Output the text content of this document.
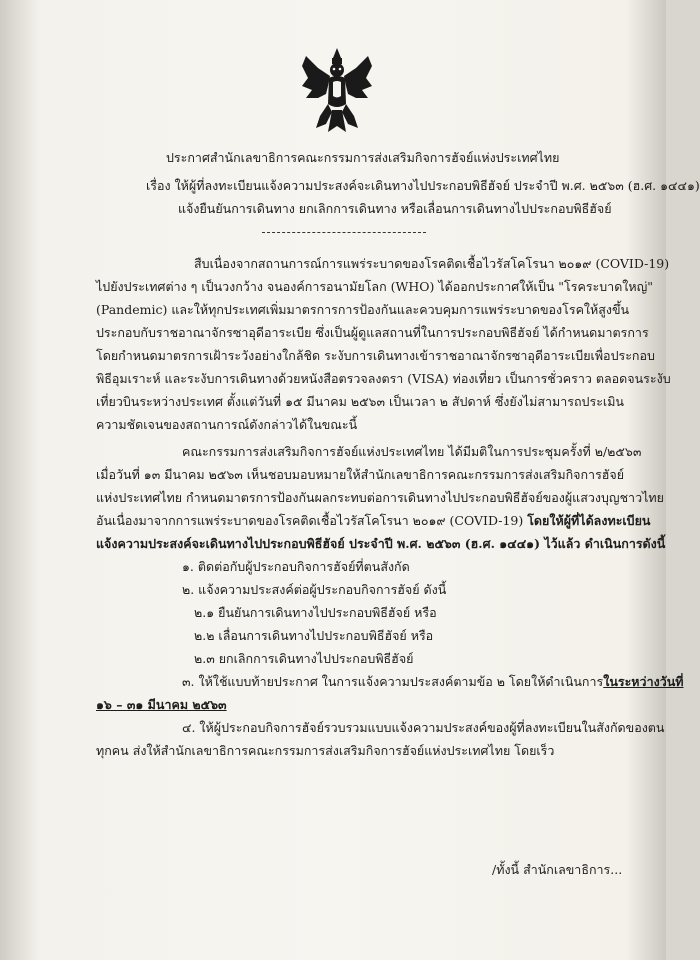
ประกาศสำนักเลขาธิการคณะกรรมการส่งเสริมกิจการฮัจย์แห่งประเทศไทย
เรื่อง ให้ผู้ที่ลงทะเบียนแจ้งความประสงค์จะเดินทางไปประกอบพิธีฮัจย์ ประจำปี พ.ศ. ๒๕๖๓ (ฮ.ศ. ๑๔๔๑)
แจ้งยืนยันการเดินทาง ยกเลิกการเดินทาง หรือเลื่อนการเดินทางไปประกอบพิธีฮัจย์
สืบเนื่องจากสถานการณ์การแพร่ระบาดของโรคติดเชื้อไวรัสโคโรนา ๒๐๑๙ (COVID-19)
ไปยังประเทศต่าง ๆ เป็นวงกว้าง จนองค์การอนามัยโลก (WHO) ได้ออกประกาศให้เป็น "โรคระบาดใหญ่"
(Pandemic) และให้ทุกประเทศเพิ่มมาตรการการป้องกันและควบคุมการแพร่ระบาดของโรคให้สูงขึ้น
ประกอบกับราชอาณาจักรซาอุดีอาระเบีย ซึ่งเป็นผู้ดูแลสถานที่ในการประกอบพิธีฮัจย์ ได้กำหนดมาตรการ
โดยกำหนดมาตรการเฝ้าระวังอย่างใกล้ชิด ระงับการเดินทางเข้าราชอาณาจักรซาอุดีอาระเบียเพื่อประกอบ
พิธีอุมเราะห์ และระงับการเดินทางด้วยหนังสือตรวจลงตรา (VISA) ท่องเที่ยว เป็นการชั่วคราว ตลอดจนระงับ
เที่ยวบินระหว่างประเทศ ตั้งแต่วันที่ ๑๕ มีนาคม ๒๕๖๓ เป็นเวลา ๒ สัปดาห์ ซึ่งยังไม่สามารถประเมิน
ความชัดเจนของสถานการณ์ดังกล่าวได้ในขณะนี้
คณะกรรมการส่งเสริมกิจการฮัจย์แห่งประเทศไทย ได้มีมติในการประชุมครั้งที่ ๒/๒๕๖๓
เมื่อวันที่ ๑๓ มีนาคม ๒๕๖๓ เห็นชอบมอบหมายให้สำนักเลขาธิการคณะกรรมการส่งเสริมกิจการฮัจย์
แห่งประเทศไทย กำหนดมาตรการป้องกันผลกระทบต่อการเดินทางไปประกอบพิธีฮัจย์ของผู้แสวงบุญชาวไทย
อันเนื่องมาจากการแพร่ระบาดของโรคติดเชื้อไวรัสโคโรนา ๒๐๑๙ (COVID-19) โดยให้ผู้ที่ได้ลงทะเบียน
แจ้งความประสงค์จะเดินทางไปประกอบพิธีฮัจย์ ประจำปี พ.ศ. ๒๕๖๓ (ฮ.ศ. ๑๔๔๑) ไว้แล้ว ดำเนินการดังนี้
๑. ติดต่อกับผู้ประกอบกิจการฮัจย์ที่ตนสังกัด
๒. แจ้งความประสงค์ต่อผู้ประกอบกิจการฮัจย์ ดังนี้
๒.๑ ยืนยันการเดินทางไปประกอบพิธีฮัจย์ หรือ
๒.๒ เลื่อนการเดินทางไปประกอบพิธีฮัจย์ หรือ
๒.๓ ยกเลิกการเดินทางไปประกอบพิธีฮัจย์
๓. ให้ใช้แบบท้ายประกาศ ในการแจ้งความประสงค์ตามข้อ ๒ โดยให้ดำเนินการในระหว่างวันที่
๑๖ – ๓๑ มีนาคม ๒๕๖๓
๔. ให้ผู้ประกอบกิจการฮัจย์รวบรวมแบบแจ้งความประสงค์ของผู้ที่ลงทะเบียนในสังกัดของตน
ทุกคน ส่งให้สำนักเลขาธิการคณะกรรมการส่งเสริมกิจการฮัจย์แห่งประเทศไทย โดยเร็ว
/ทั้งนี้ สำนักเลขาธิการ...
